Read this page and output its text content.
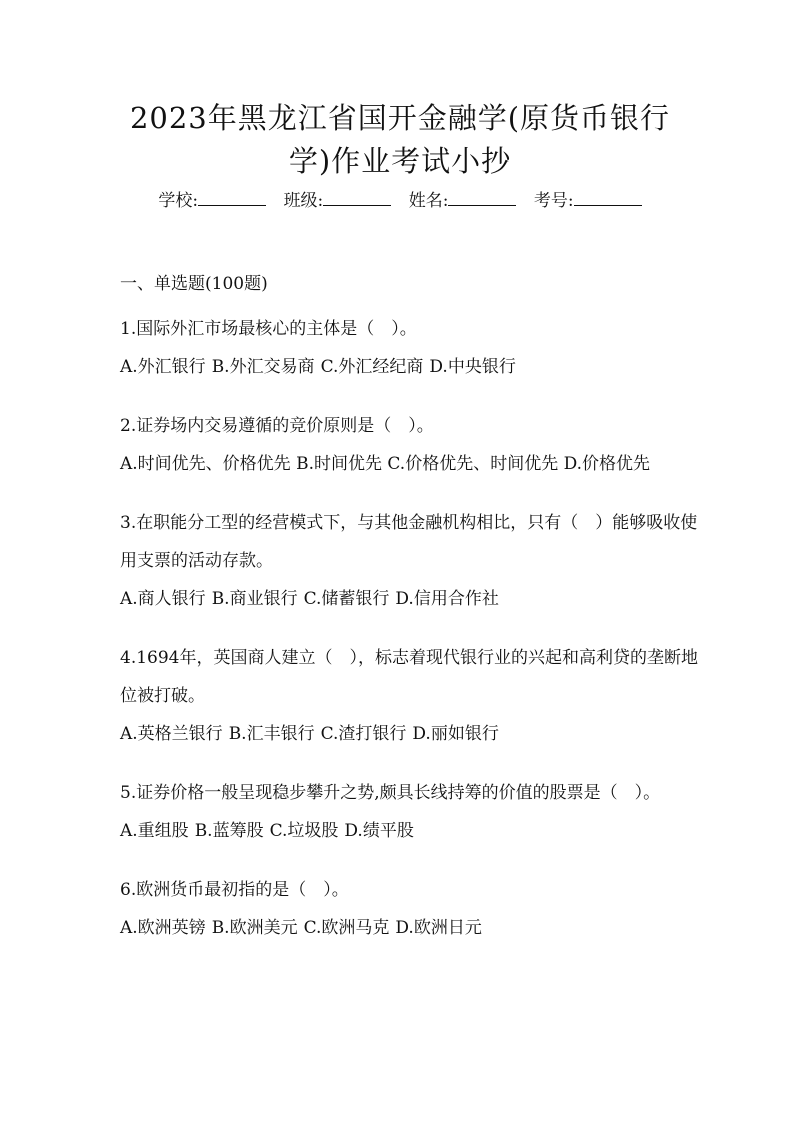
2023年黑龙江省国开金融学(原货币银行
学)作业考试小抄
学校:	班级:	姓名:	考号:
一、单选题(100题)

1.国际外汇市场最核心的主体是（　）。

A.外汇银行 B.外汇交易商 C.外汇经纪商 D.中央银行

2.证券场内交易遵循的竞价原则是（　）。

A.时间优先、价格优先 B.时间优先 C.价格优先、时间优先 D.价格优先

3.在职能分工型的经营模式下，与其他金融机构相比，只有（　）能够吸收使用支票的活动存款。

A.商人银行 B.商业银行 C.储蓄银行 D.信用合作社

4.1694年，英国商人建立（　），标志着现代银行业的兴起和高利贷的垄断地位被打破。

A.英格兰银行 B.汇丰银行 C.渣打银行 D.丽如银行

5.证券价格一般呈现稳步攀升之势,颇具长线持筹的价值的股票是（　）。

A.重组股 B.蓝筹股 C.垃圾股 D.绩平股

6.欧洲货币最初指的是（　）。

A.欧洲英镑 B.欧洲美元 C.欧洲马克 D.欧洲日元
